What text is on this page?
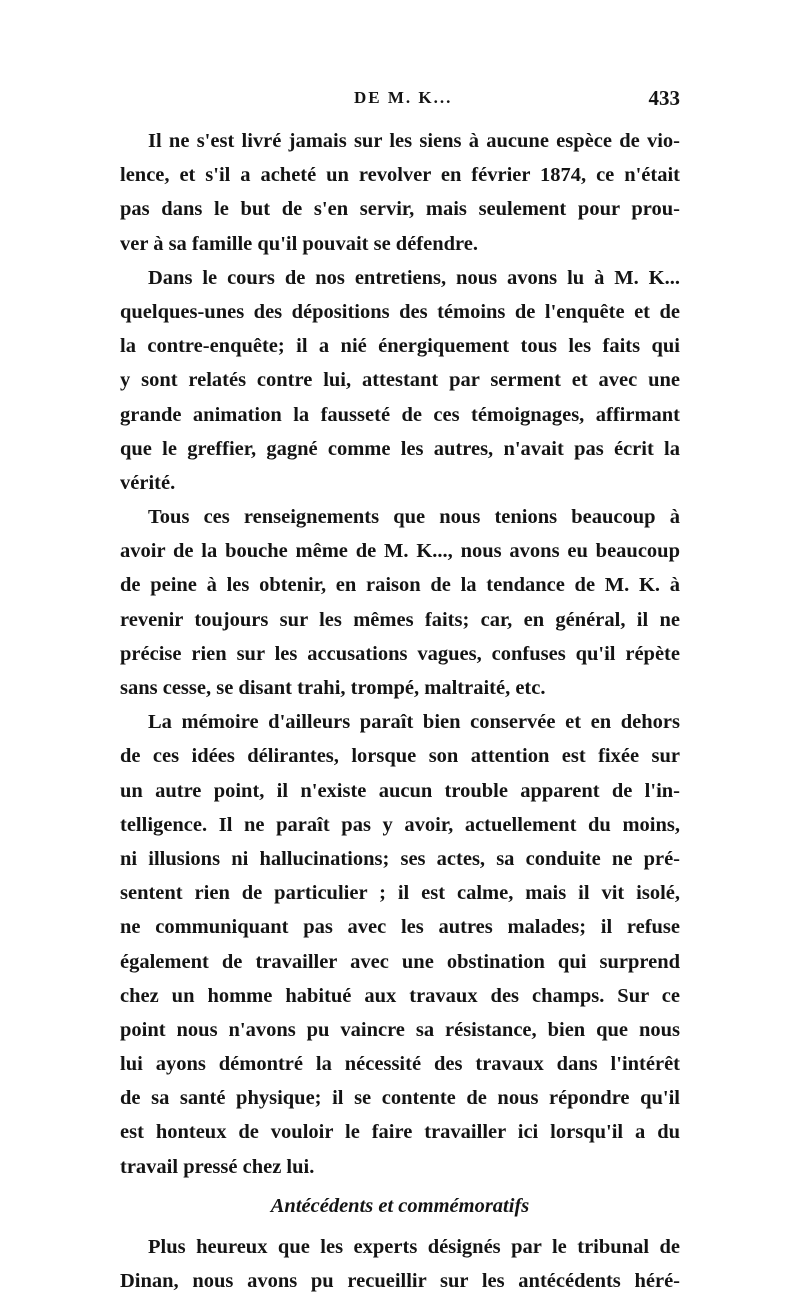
DE M. K...	433
Il ne s'est livré jamais sur les siens à aucune espèce de vio-
lence, et s'il a acheté un revolver en février 1874, ce n'était
pas dans le but de s'en servir, mais seulement pour prou-
ver à sa famille qu'il pouvait se défendre.
Dans le cours de nos entretiens, nous avons lu à M. K...
quelques-unes des dépositions des témoins de l'enquête et de
la contre-enquête; il a nié énergiquement tous les faits qui
y sont relatés contre lui, attestant par serment et avec une
grande animation la fausseté de ces témoignages, affirmant
que le greffier, gagné comme les autres, n'avait pas écrit la
vérité.
Tous ces renseignements que nous tenions beaucoup à
avoir de la bouche même de M. K..., nous avons eu beaucoup
de peine à les obtenir, en raison de la tendance de M. K. à
revenir toujours sur les mêmes faits; car, en général, il ne
précise rien sur les accusations vagues, confuses qu'il répète
sans cesse, se disant trahi, trompé, maltraité, etc.
La mémoire d'ailleurs paraît bien conservée et en dehors
de ces idées délirantes, lorsque son attention est fixée sur
un autre point, il n'existe aucun trouble apparent de l'in-
telligence. Il ne paraît pas y avoir, actuellement du moins,
ni illusions ni hallucinations; ses actes, sa conduite ne pré-
sentent rien de particulier ; il est calme, mais il vit isolé,
ne communiquant pas avec les autres malades; il refuse
également de travailler avec une obstination qui surprend
chez un homme habitué aux travaux des champs. Sur ce
point nous n'avons pu vaincre sa résistance, bien que nous
lui ayons démontré la nécessité des travaux dans l'intérêt
de sa santé physique; il se contente de nous répondre qu'il
est honteux de vouloir le faire travailler ici lorsqu'il a du
travail pressé chez lui.
Antécédents et commémoratifs
Plus heureux que les experts désignés par le tribunal de
Dinan, nous avons pu recueillir sur les antécédents héré-
